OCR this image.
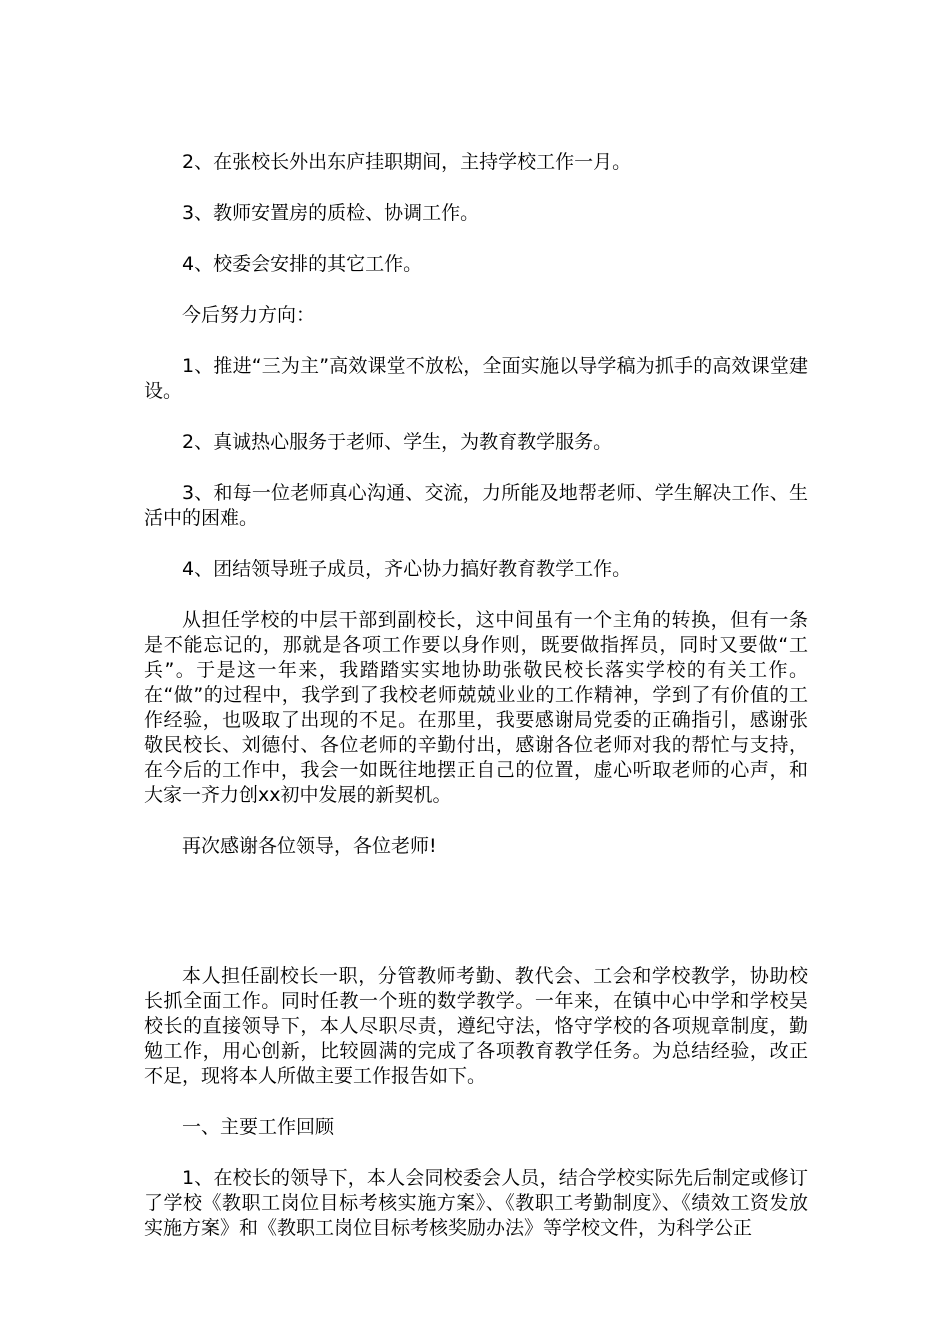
2、在张校长外出东庐挂职期间，主持学校工作一月。

3、教师安置房的质检、协调工作。

4、校委会安排的其它工作。

今后努力方向：

1、推进“三为主”高效课堂不放松，全面实施以导学稿为抓手的高效课堂建设。

2、真诚热心服务于老师、学生，为教育教学服务。

3、和每一位老师真心沟通、交流，力所能及地帮老师、学生解决工作、生活中的困难。

4、团结领导班子成员，齐心协力搞好教育教学工作。

从担任学校的中层干部到副校长，这中间虽有一个主角的转换，但有一条是不能忘记的，那就是各项工作要以身作则，既要做指挥员，同时又要做“工兵”。于是这一年来，我踏踏实实地协助张敬民校长落实学校的有关工作。在“做”的过程中，我学到了我校老师兢兢业业的工作精神，学到了有价值的工作经验，也吸取了出现的不足。在那里，我要感谢局党委的正确指引，感谢张敬民校长、刘德付、各位老师的辛勤付出，感谢各位老师对我的帮忙与支持，在今后的工作中，我会一如既往地摆正自己的位置，虚心听取老师的心声，和大家一齐力创xx初中发展的新契机。

再次感谢各位领导，各位老师!

本人担任副校长一职，分管教师考勤、教代会、工会和学校教学，协助校长抓全面工作。同时任教一个班的数学教学。一年来，在镇中心中学和学校吴校长的直接领导下，本人尽职尽责，遵纪守法，恪守学校的各项规章制度，勤勉工作，用心创新，比较圆满的完成了各项教育教学任务。为总结经验，改正不足，现将本人所做主要工作报告如下。

一、主要工作回顾

1、在校长的领导下，本人会同校委会人员，结合学校实际先后制定或修订了学校《教职工岗位目标考核实施方案》、《教职工考勤制度》、《绩效工资发放实施方案》和《教职工岗位目标考核奖励办法》等学校文件，为科学公正
